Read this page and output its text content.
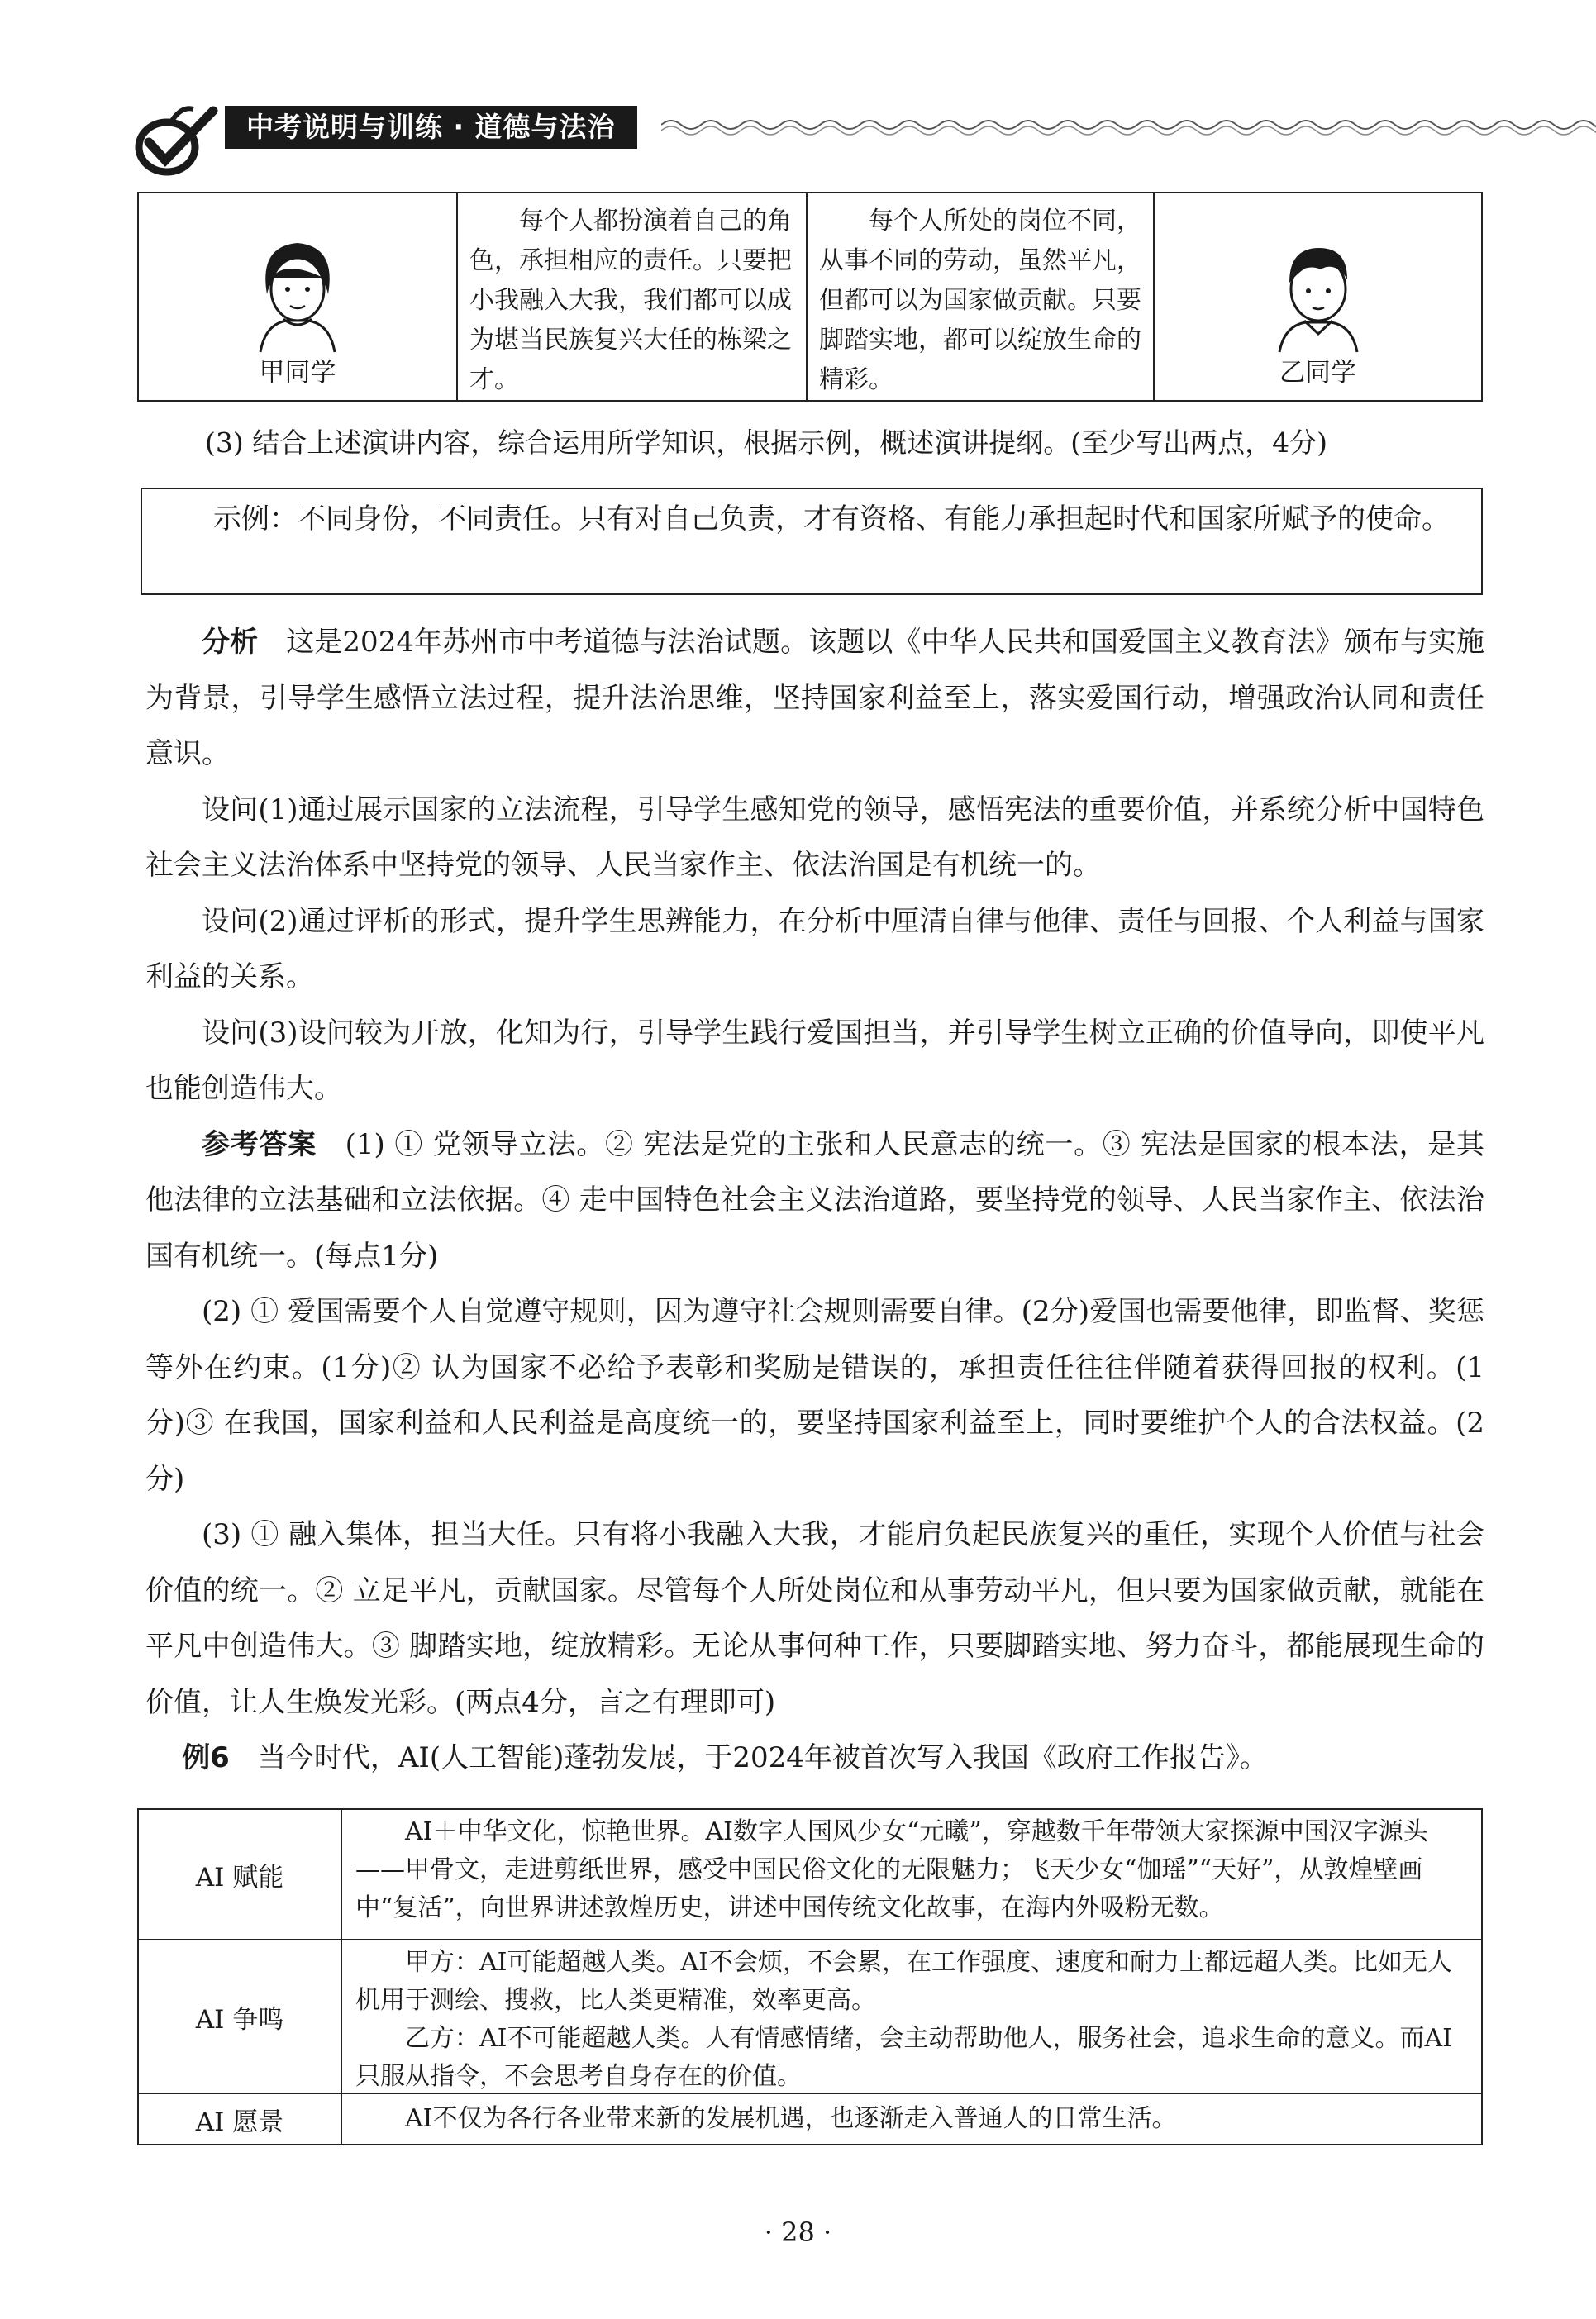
中考说明与训练 · 道德与法治
甲同学

每个人都扮演着自己的角色，承担相应的责任。只要把小我融入大我，我们都可以成为堪当民族复兴大任的栋梁之才。

每个人所处的岗位不同，从事不同的劳动，虽然平凡，但都可以为国家做贡献。只要脚踏实地，都可以绽放生命的精彩。	乙同学
(3) 结合上述演讲内容，综合运用所学知识，根据示例，概述演讲提纲。(至少写出两点，4分)
示例：不同身份，不同责任。只有对自己负责，才有资格、有能力承担起时代和国家所赋予的使命。

分析　 这是2024年苏州市中考道德与法治试题。该题以《中华人民共和国爱国主义教育法》颁布与实施为背景，引导学生感悟立法过程，提升法治思维，坚持国家利益至上，落实爱国行动，增强政治认同和责任意识。

设问(1)通过展示国家的立法流程，引导学生感知党的领导，感悟宪法的重要价值，并系统分析中国特色社会主义法治体系中坚持党的领导、人民当家作主、依法治国是有机统一的。

设问(2)通过评析的形式，提升学生思辨能力，在分析中厘清自律与他律、责任与回报、个人利益与国家利益的关系。

设问(3)设问较为开放，化知为行，引导学生践行爱国担当，并引导学生树立正确的价值导向，即使平凡也能创造伟大。

参考答案　 (1) ① 党领导立法。② 宪法是党的主张和人民意志的统一。③ 宪法是国家的根本法，是其他法律的立法基础和立法依据。④ 走中国特色社会主义法治道路，要坚持党的领导、人民当家作主、依法治国有机统一。(每点1分)

(2) ① 爱国需要个人自觉遵守规则，因为遵守社会规则需要自律。(2分)爱国也需要他律，即监督、奖惩等外在约束。(1分)② 认为国家不必给予表彰和奖励是错误的，承担责任往往伴随着获得回报的权利。(1分)③ 在我国，国家利益和人民利益是高度统一的，要坚持国家利益至上，同时要维护个人的合法权益。(2分)

(3) ① 融入集体，担当大任。只有将小我融入大我，才能肩负起民族复兴的重任，实现个人价值与社会价值的统一。② 立足平凡，贡献国家。尽管每个人所处岗位和从事劳动平凡，但只要为国家做贡献，就能在平凡中创造伟大。③ 脚踏实地，绽放精彩。无论从事何种工作，只要脚踏实地、努力奋斗，都能展现生命的价值，让人生焕发光彩。(两点4分，言之有理即可)

例6　 当今时代，AI(人工智能)蓬勃发展，于2024年被首次写入我国《政府工作报告》。

AI 赋能

AI＋中华文化，惊艳世界。AI数字人国风少女“元曦”，穿越数千年带领大家探源中国汉字源头——甲骨文，走进剪纸世界，感受中国民俗文化的无限魅力；飞天少女“伽瑶”“天好”，从敦煌壁画中“复活”，向世界讲述敦煌历史，讲述中国传统文化故事，在海内外吸粉无数。

AI 争鸣

甲方：AI可能超越人类。AI不会烦，不会累，在工作强度、速度和耐力上都远超人类。比如无人机用于测绘、搜救，比人类更精准，效率更高。

乙方：AI不可能超越人类。人有情感情绪，会主动帮助他人，服务社会，追求生命的意义。而AI只服从指令，不会思考自身存在的价值。

AI 愿景	AI不仅为各行各业带来新的发展机遇，也逐渐走入普通人的日常生活。

· 28 ·
